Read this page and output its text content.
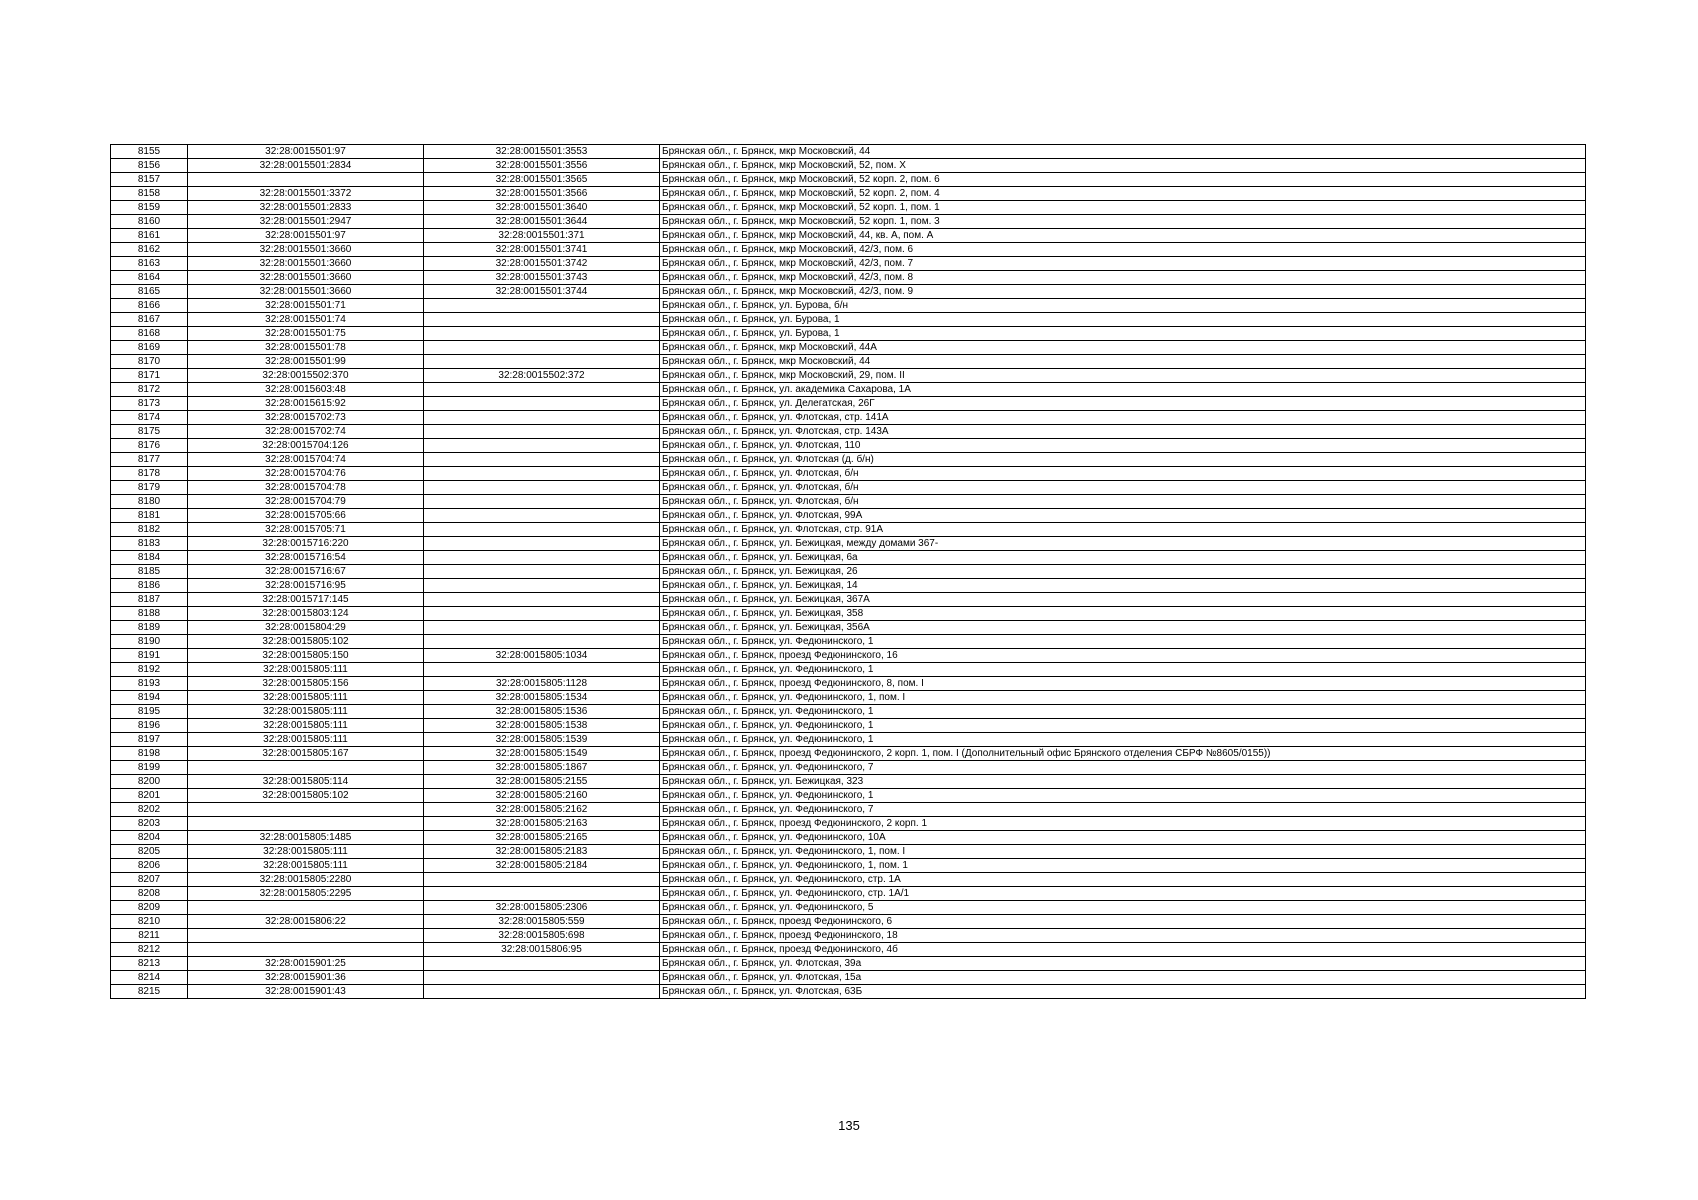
8155	32:28:0015501:97	32:28:0015501:3553	Брянская обл., г. Брянск, мкр Московский, 44
8156	32:28:0015501:2834	32:28:0015501:3556	Брянская обл., г. Брянск, мкр Московский, 52, пом. X
8157		32:28:0015501:3565	Брянская обл., г. Брянск, мкр Московский, 52 корп. 2, пом. 6
8158	32:28:0015501:3372	32:28:0015501:3566	Брянская обл., г. Брянск, мкр Московский, 52 корп. 2, пом. 4
8159	32:28:0015501:2833	32:28:0015501:3640	Брянская обл., г. Брянск, мкр Московский, 52 корп. 1, пом. 1
8160	32:28:0015501:2947	32:28:0015501:3644	Брянская обл., г. Брянск, мкр Московский, 52 корп. 1, пом. 3
8161	32:28:0015501:97	32:28:0015501:371	Брянская обл., г. Брянск, мкр Московский, 44, кв. А, пом. А
8162	32:28:0015501:3660	32:28:0015501:3741	Брянская обл., г. Брянск, мкр Московский, 42/3, пом. 6
8163	32:28:0015501:3660	32:28:0015501:3742	Брянская обл., г. Брянск, мкр Московский, 42/3, пом. 7
8164	32:28:0015501:3660	32:28:0015501:3743	Брянская обл., г. Брянск, мкр Московский, 42/3, пом. 8
8165	32:28:0015501:3660	32:28:0015501:3744	Брянская обл., г. Брянск, мкр Московский, 42/3, пом. 9
8166	32:28:0015501:71		Брянская обл., г. Брянск, ул. Бурова, б/н
8167	32:28:0015501:74		Брянская обл., г. Брянск, ул. Бурова, 1
8168	32:28:0015501:75		Брянская обл., г. Брянск, ул. Бурова, 1
8169	32:28:0015501:78		Брянская обл., г. Брянск, мкр Московский, 44А
8170	32:28:0015501:99		Брянская обл., г. Брянск, мкр Московский, 44
8171	32:28:0015502:370	32:28:0015502:372	Брянская обл., г. Брянск, мкр Московский, 29, пом. II
8172	32:28:0015603:48		Брянская обл., г. Брянск, ул. академика Сахарова, 1А
8173	32:28:0015615:92		Брянская обл., г. Брянск, ул. Делегатская, 26Г
8174	32:28:0015702:73		Брянская обл., г. Брянск, ул. Флотская, стр. 141А
8175	32:28:0015702:74		Брянская обл., г. Брянск, ул. Флотская, стр. 143А
8176	32:28:0015704:126		Брянская обл., г. Брянск, ул. Флотская, 110
8177	32:28:0015704:74		Брянская обл., г. Брянск, ул. Флотская (д. б/н)
8178	32:28:0015704:76		Брянская обл., г. Брянск, ул. Флотская, б/н
8179	32:28:0015704:78		Брянская обл., г. Брянск, ул. Флотская, б/н
8180	32:28:0015704:79		Брянская обл., г. Брянск, ул. Флотская, б/н
8181	32:28:0015705:66		Брянская обл., г. Брянск, ул. Флотская, 99А
8182	32:28:0015705:71		Брянская обл., г. Брянск, ул. Флотская, стр. 91А
8183	32:28:0015716:220		Брянская обл., г. Брянск, ул. Бежицкая, между домами 367-
8184	32:28:0015716:54		Брянская обл., г. Брянск, ул. Бежицкая, 6а
8185	32:28:0015716:67		Брянская обл., г. Брянск, ул. Бежицкая, 26
8186	32:28:0015716:95		Брянская обл., г. Брянск, ул. Бежицкая, 14
8187	32:28:0015717:145		Брянская обл., г. Брянск, ул. Бежицкая, 367А
8188	32:28:0015803:124		Брянская обл., г. Брянск, ул. Бежицкая, 358
8189	32:28:0015804:29		Брянская обл., г. Брянск, ул. Бежицкая, 356А
8190	32:28:0015805:102		Брянская обл., г. Брянск, ул. Федюнинского, 1
8191	32:28:0015805:150	32:28:0015805:1034	Брянская обл., г. Брянск, проезд Федюнинского, 16
8192	32:28:0015805:111		Брянская обл., г. Брянск, ул. Федюнинского, 1
8193	32:28:0015805:156	32:28:0015805:1128	Брянская обл., г. Брянск, проезд Федюнинского, 8, пом. I
8194	32:28:0015805:111	32:28:0015805:1534	Брянская обл., г. Брянск, ул. Федюнинского, 1, пом. I
8195	32:28:0015805:111	32:28:0015805:1536	Брянская обл., г. Брянск, ул. Федюнинского, 1
8196	32:28:0015805:111	32:28:0015805:1538	Брянская обл., г. Брянск, ул. Федюнинского, 1
8197	32:28:0015805:111	32:28:0015805:1539	Брянская обл., г. Брянск, ул. Федюнинского, 1
8198	32:28:0015805:167	32:28:0015805:1549	Брянская обл., г. Брянск, проезд Федюнинского, 2 корп. 1, пом. I (Дополнительный офис Брянского отделения СБРФ №8605/0155))
8199		32:28:0015805:1867	Брянская обл., г. Брянск, ул. Федюнинского, 7
8200	32:28:0015805:114	32:28:0015805:2155	Брянская обл., г. Брянск, ул. Бежицкая, 323
8201	32:28:0015805:102	32:28:0015805:2160	Брянская обл., г. Брянск, ул. Федюнинского, 1
8202		32:28:0015805:2162	Брянская обл., г. Брянск, ул. Федюнинского, 7
8203		32:28:0015805:2163	Брянская обл., г. Брянск, проезд Федюнинского, 2 корп. 1
8204	32:28:0015805:1485	32:28:0015805:2165	Брянская обл., г. Брянск, ул. Федюнинского, 10А
8205	32:28:0015805:111	32:28:0015805:2183	Брянская обл., г. Брянск, ул. Федюнинского, 1, пом. I
8206	32:28:0015805:111	32:28:0015805:2184	Брянская обл., г. Брянск, ул. Федюнинского, 1, пом. 1
8207	32:28:0015805:2280		Брянская обл., г. Брянск, ул. Федюнинского, стр. 1А
8208	32:28:0015805:2295		Брянская обл., г. Брянск, ул. Федюнинского, стр. 1А/1
8209		32:28:0015805:2306	Брянская обл., г. Брянск, ул. Федюнинского, 5
8210	32:28:0015806:22	32:28:0015805:559	Брянская обл., г. Брянск, проезд Федюнинского, 6
8211		32:28:0015805:698	Брянская обл., г. Брянск, проезд Федюнинского, 18
8212		32:28:0015806:95	Брянская обл., г. Брянск, проезд Федюнинского, 4б
8213	32:28:0015901:25		Брянская обл., г. Брянск, ул. Флотская, 39а
8214	32:28:0015901:36		Брянская обл., г. Брянск, ул. Флотская, 15а
8215	32:28:0015901:43		Брянская обл., г. Брянск, ул. Флотская, 63Б
135
